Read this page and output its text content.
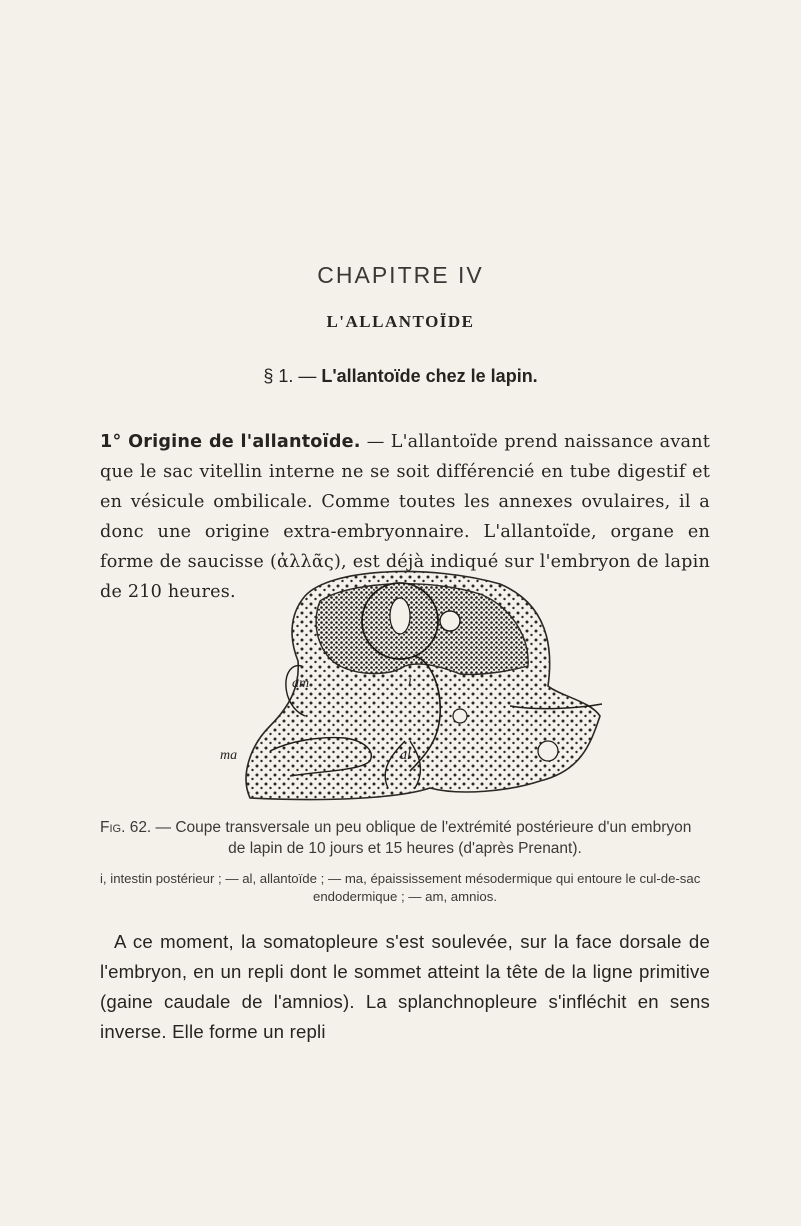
CHAPITRE IV
L'ALLANTOÏDE
§ 1. — L'allantoïde chez le lapin.
1° Origine de l'allantoïde. — L'allantoïde prend naissance avant que le sac vitellin interne ne se soit différencié en tube digestif et en vésicule ombilicale. Comme toutes les annexes ovulaires, il a donc une origine extra-embryonnaire. L'allantoïde, organe en forme de saucisse (ἀλλᾶς), est déjà indiqué sur l'embryon de lapin de 210 heures.
am	i
ma	al
Fig. 62. — Coupe transversale un peu oblique de l'extrémité postérieure d'un embryon
de lapin de 10 jours et 15 heures (d'après Prenant).
i, intestin postérieur ; — al, allantoïde ; — ma, épaississement mésodermique qui entoure le cul-de-sac
endodermique ; — am, amnios.
A ce moment, la somatopleure s'est soulevée, sur la face dorsale de l'embryon, en un repli dont le sommet atteint la tête de la ligne primitive (gaine caudale de l'amnios). La splanchnopleure s'infléchit en sens inverse. Elle forme un repli
